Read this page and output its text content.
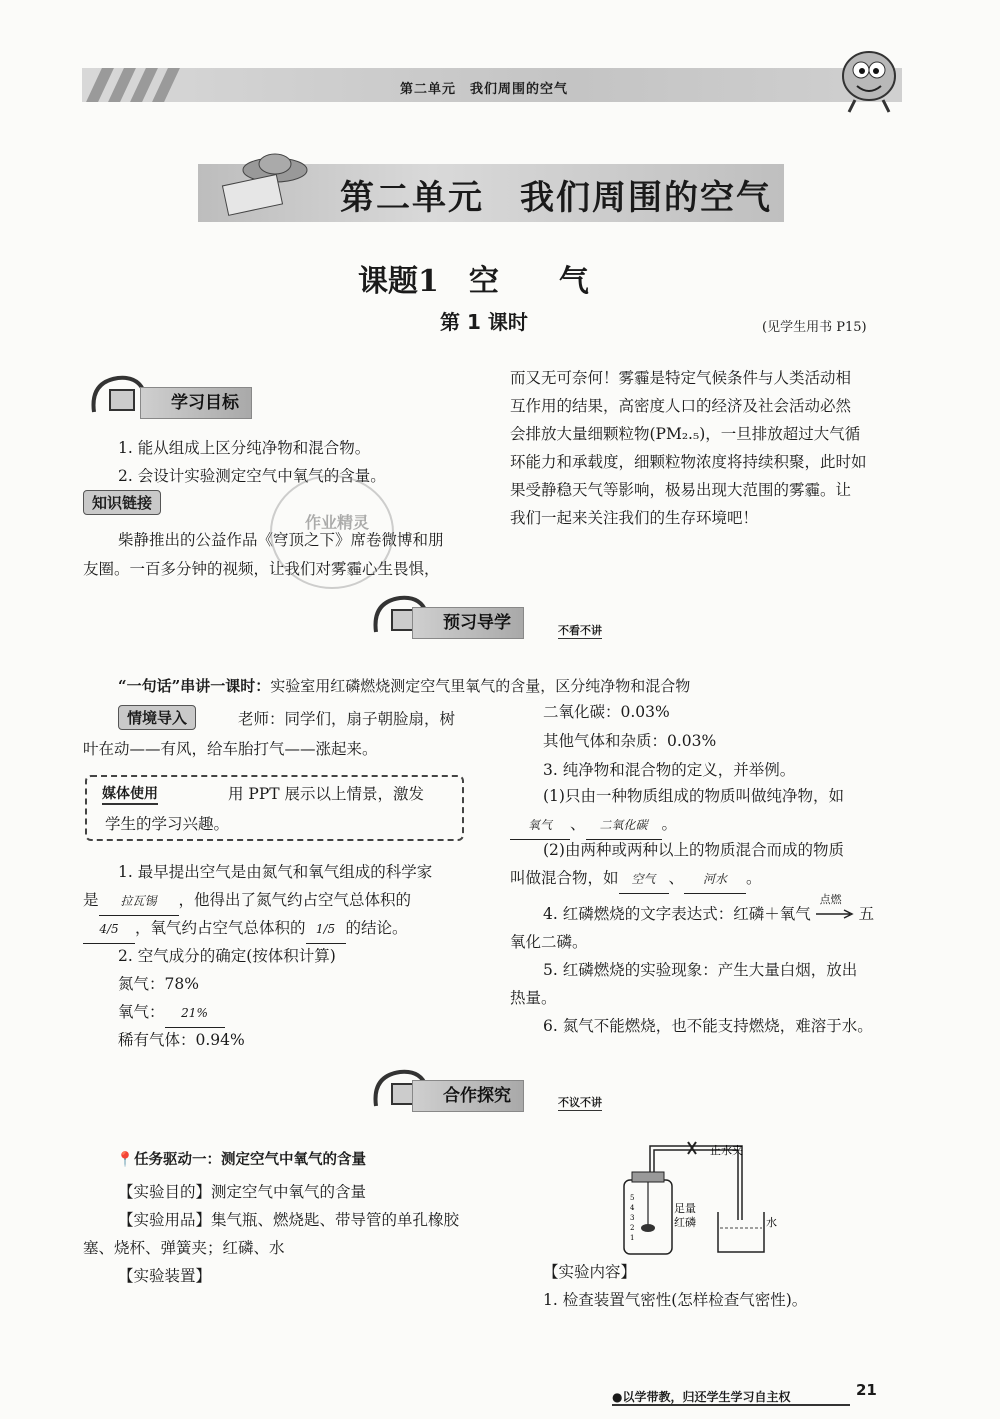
第二单元　我们周围的空气
第二单元　我们周围的空气
课题1　空　　气
第 1 课时	(见学生用书 P15)
学习目标
1. 能从组成上区分纯净物和混合物。
2. 会设计实验测定空气中氧气的含量。
知识链接
柴静推出的公益作品《穹顶之下》席卷微博和朋
友圈。一百多分钟的视频，让我们对雾霾心生畏惧，
作业精灵
而又无可奈何！雾霾是特定气候条件与人类活动相
互作用的结果，高密度人口的经济及社会活动必然
会排放大量细颗粒物(PM₂.₅)，一旦排放超过大气循
环能力和承载度，细颗粒物浓度将持续积聚，此时如
果受静稳天气等影响，极易出现大范围的雾霾。让
我们一起来关注我们的生存环境吧！
预习导学	不看不讲
“一句话”串讲一课时：实验室用红磷燃烧测定空气里氧气的含量，区分纯净物和混合物
情境导入	老师：同学们，扇子朝脸扇，树
叶在动——有风，给车胎打气——涨起来。
媒体使用	用 PPT 展示以上情景，激发
学生的学习兴趣。
1. 最早提出空气是由氮气和氧气组成的科学家
是 拉瓦锡 ，他得出了氮气约占空气总体积的
4/5 ，氧气约占空气总体积的 1/5 的结论。
2. 空气成分的确定(按体积计算)
氮气：78%
氧气： 21%
稀有气体：0.94%
二氧化碳：0.03%
其他气体和杂质：0.03%
3. 纯净物和混合物的定义，并举例。
(1)只由一种物质组成的物质叫做纯净物，如
氧气 、 二氧化碳 。
(2)由两种或两种以上的物质混合而成的物质
叫做混合物，如 空气 、 河水 。
4. 红磷燃烧的文字表达式：红磷＋氧气
点燃
五
氧化二磷。
5. 红磷燃烧的实验现象：产生大量白烟，放出
热量。
6. 氮气不能燃烧，也不能支持燃烧，难溶于水。
合作探究	不议不讲
📍任务驱动一：测定空气中氧气的含量
【实验目的】测定空气中氧气的含量
【实验用品】集气瓶、燃烧匙、带导管的单孔橡胶
塞、烧杯、弹簧夹；红磷、水
【实验装置】
止水夹
5
4
3
2
1
足量
红磷	水
【实验内容】
1. 检查装置气密性(怎样检查气密性)。
●以学带教，归还学生学习自主权	21
